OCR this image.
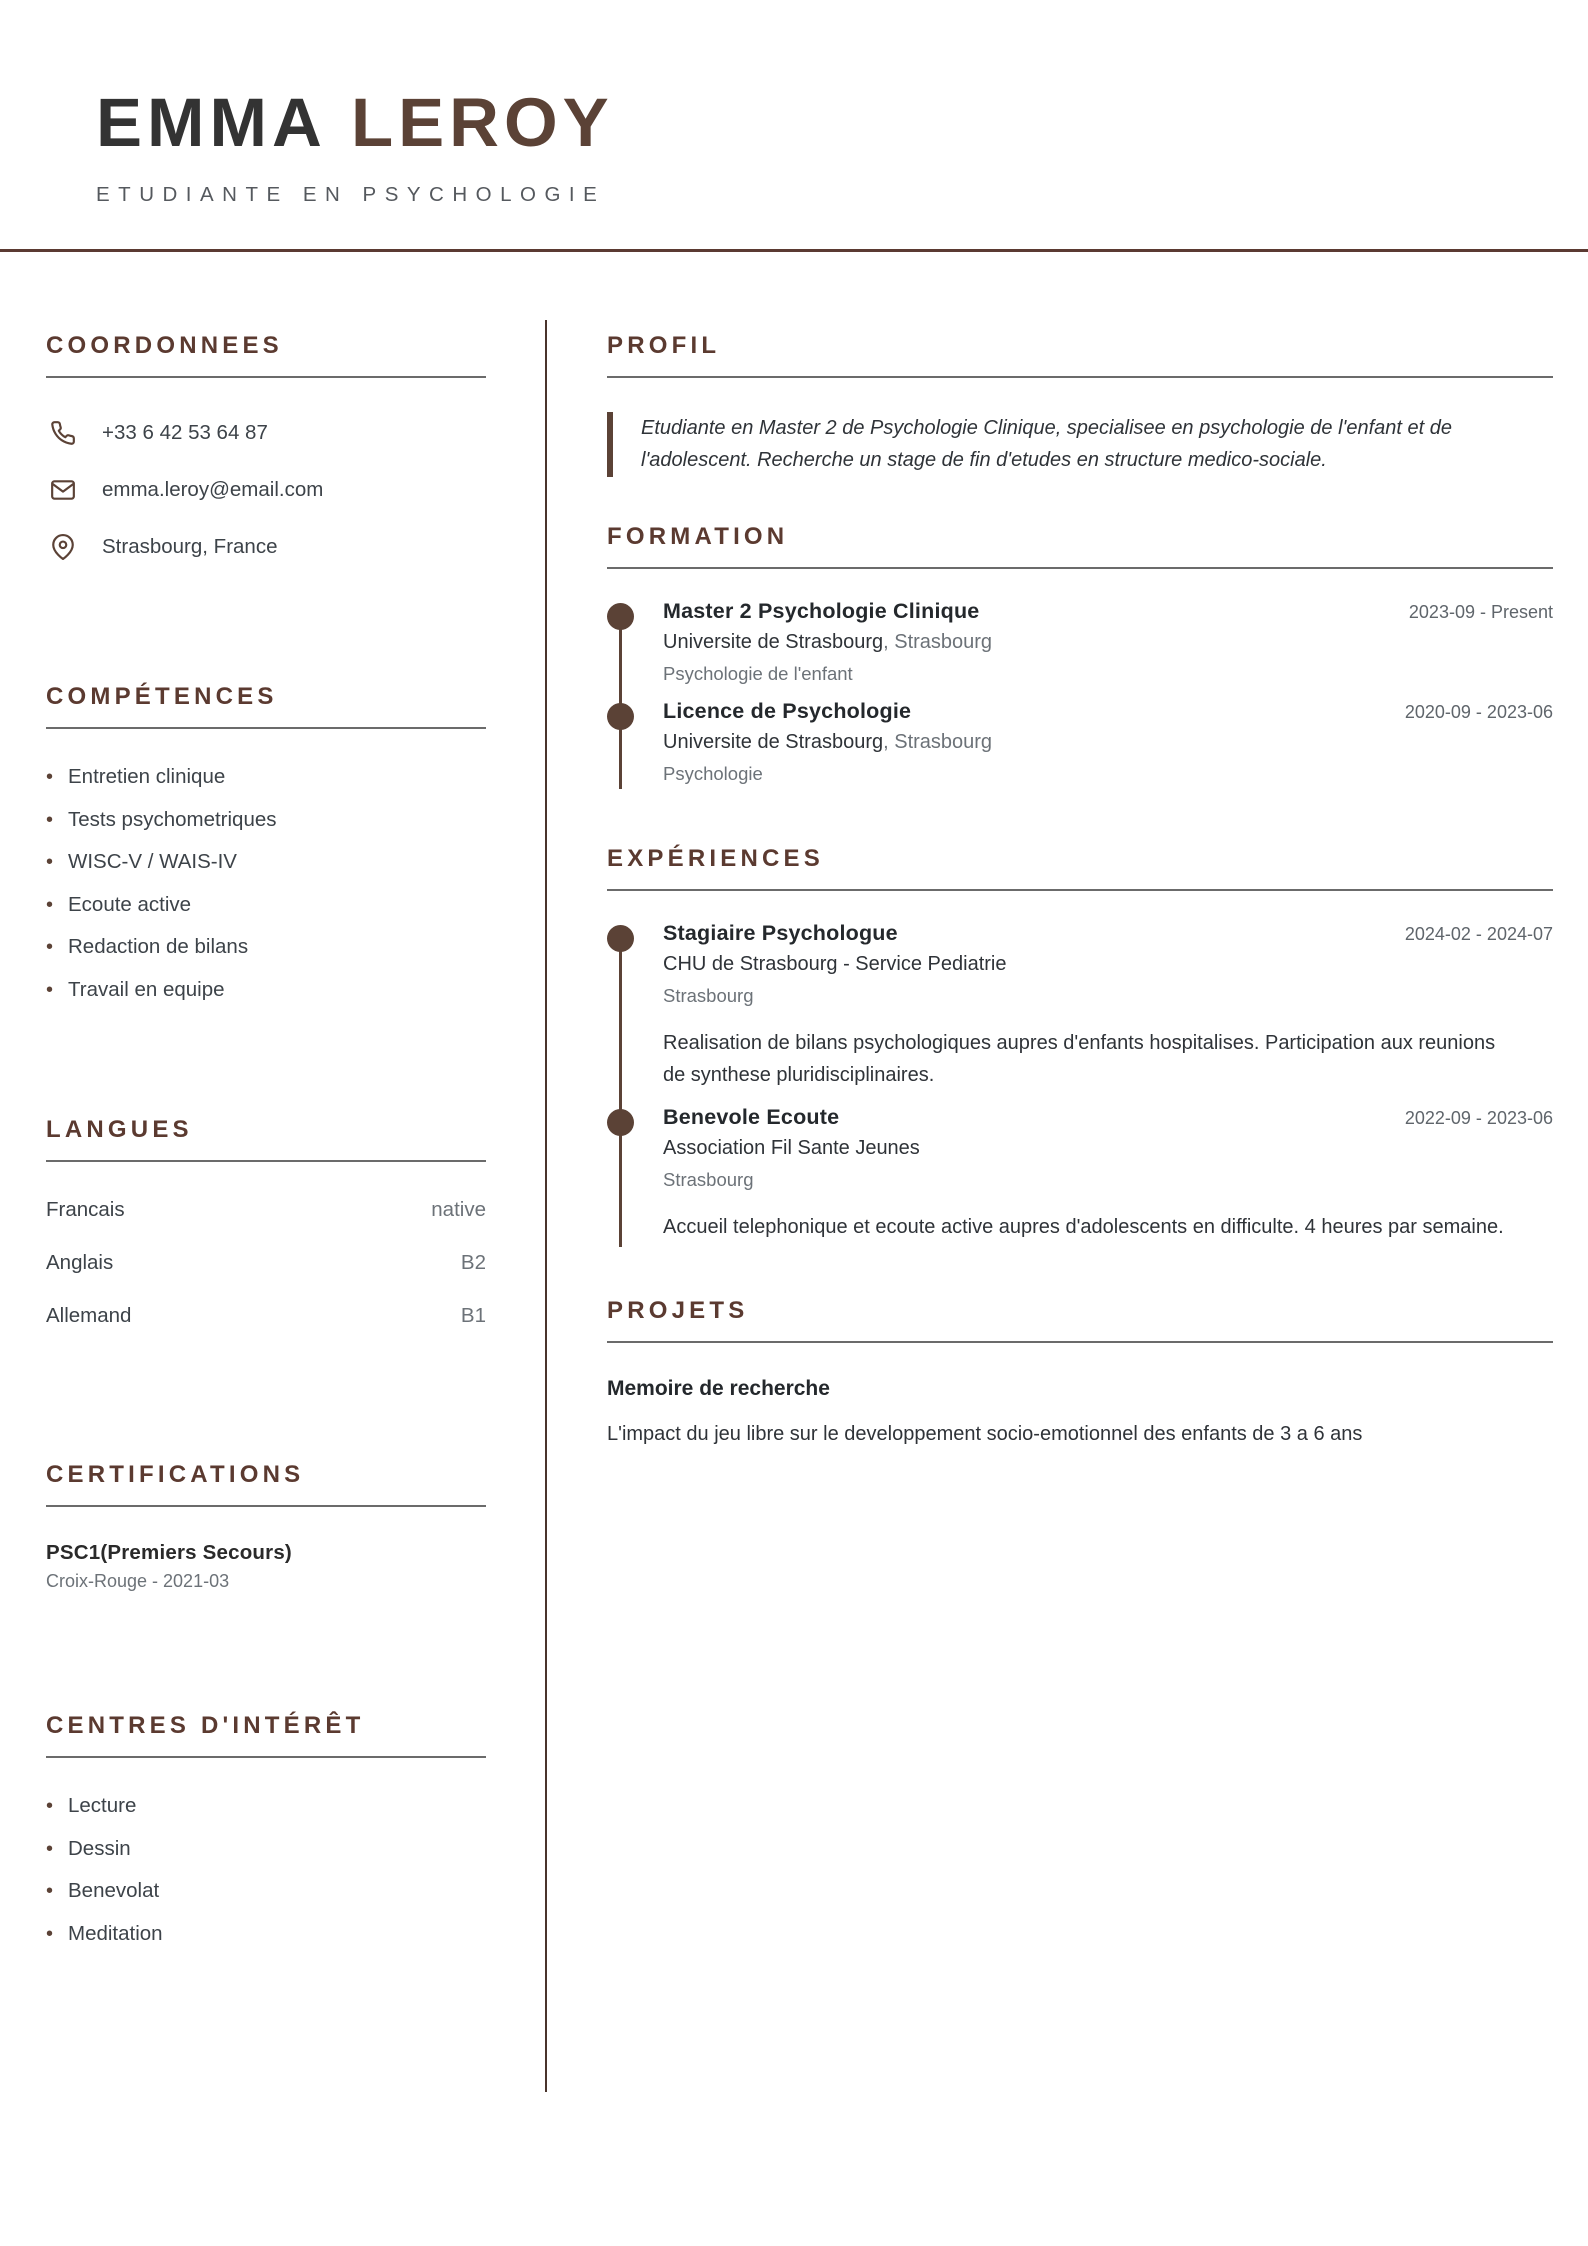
EMMA LEROY
ETUDIANTE EN PSYCHOLOGIE
COORDONNEES
+33 6 42 53 64 87
emma.leroy@email.com
Strasbourg, France
COMPÉTENCES
• Entretien clinique
• Tests psychometriques
• WISC-V / WAIS-IV
• Ecoute active
• Redaction de bilans
• Travail en equipe
LANGUES
Francais	native
Anglais	B2
Allemand	B1
CERTIFICATIONS
PSC1(Premiers Secours)
Croix-Rouge - 2021-03
CENTRES D'INTÉRÊT
• Lecture
• Dessin
• Benevolat
• Meditation
PROFIL
Etudiante en Master 2 de Psychologie Clinique, specialisee en psychologie de l'enfant et de l'adolescent. Recherche un stage de fin d'etudes en structure medico-sociale.
FORMATION
Master 2 Psychologie Clinique	2023-09 - Present
Universite de Strasbourg, Strasbourg
Psychologie de l'enfant
Licence de Psychologie	2020-09 - 2023-06
Universite de Strasbourg, Strasbourg
Psychologie
EXPÉRIENCES
Stagiaire Psychologue	2024-02 - 2024-07
CHU de Strasbourg - Service Pediatrie
Strasbourg
Realisation de bilans psychologiques aupres d'enfants hospitalises. Participation aux reunions de synthese pluridisciplinaires.
Benevole Ecoute	2022-09 - 2023-06
Association Fil Sante Jeunes
Strasbourg
Accueil telephonique et ecoute active aupres d'adolescents en difficulte. 4 heures par semaine.
PROJETS
Memoire de recherche
L'impact du jeu libre sur le developpement socio-emotionnel des enfants de 3 a 6 ans
